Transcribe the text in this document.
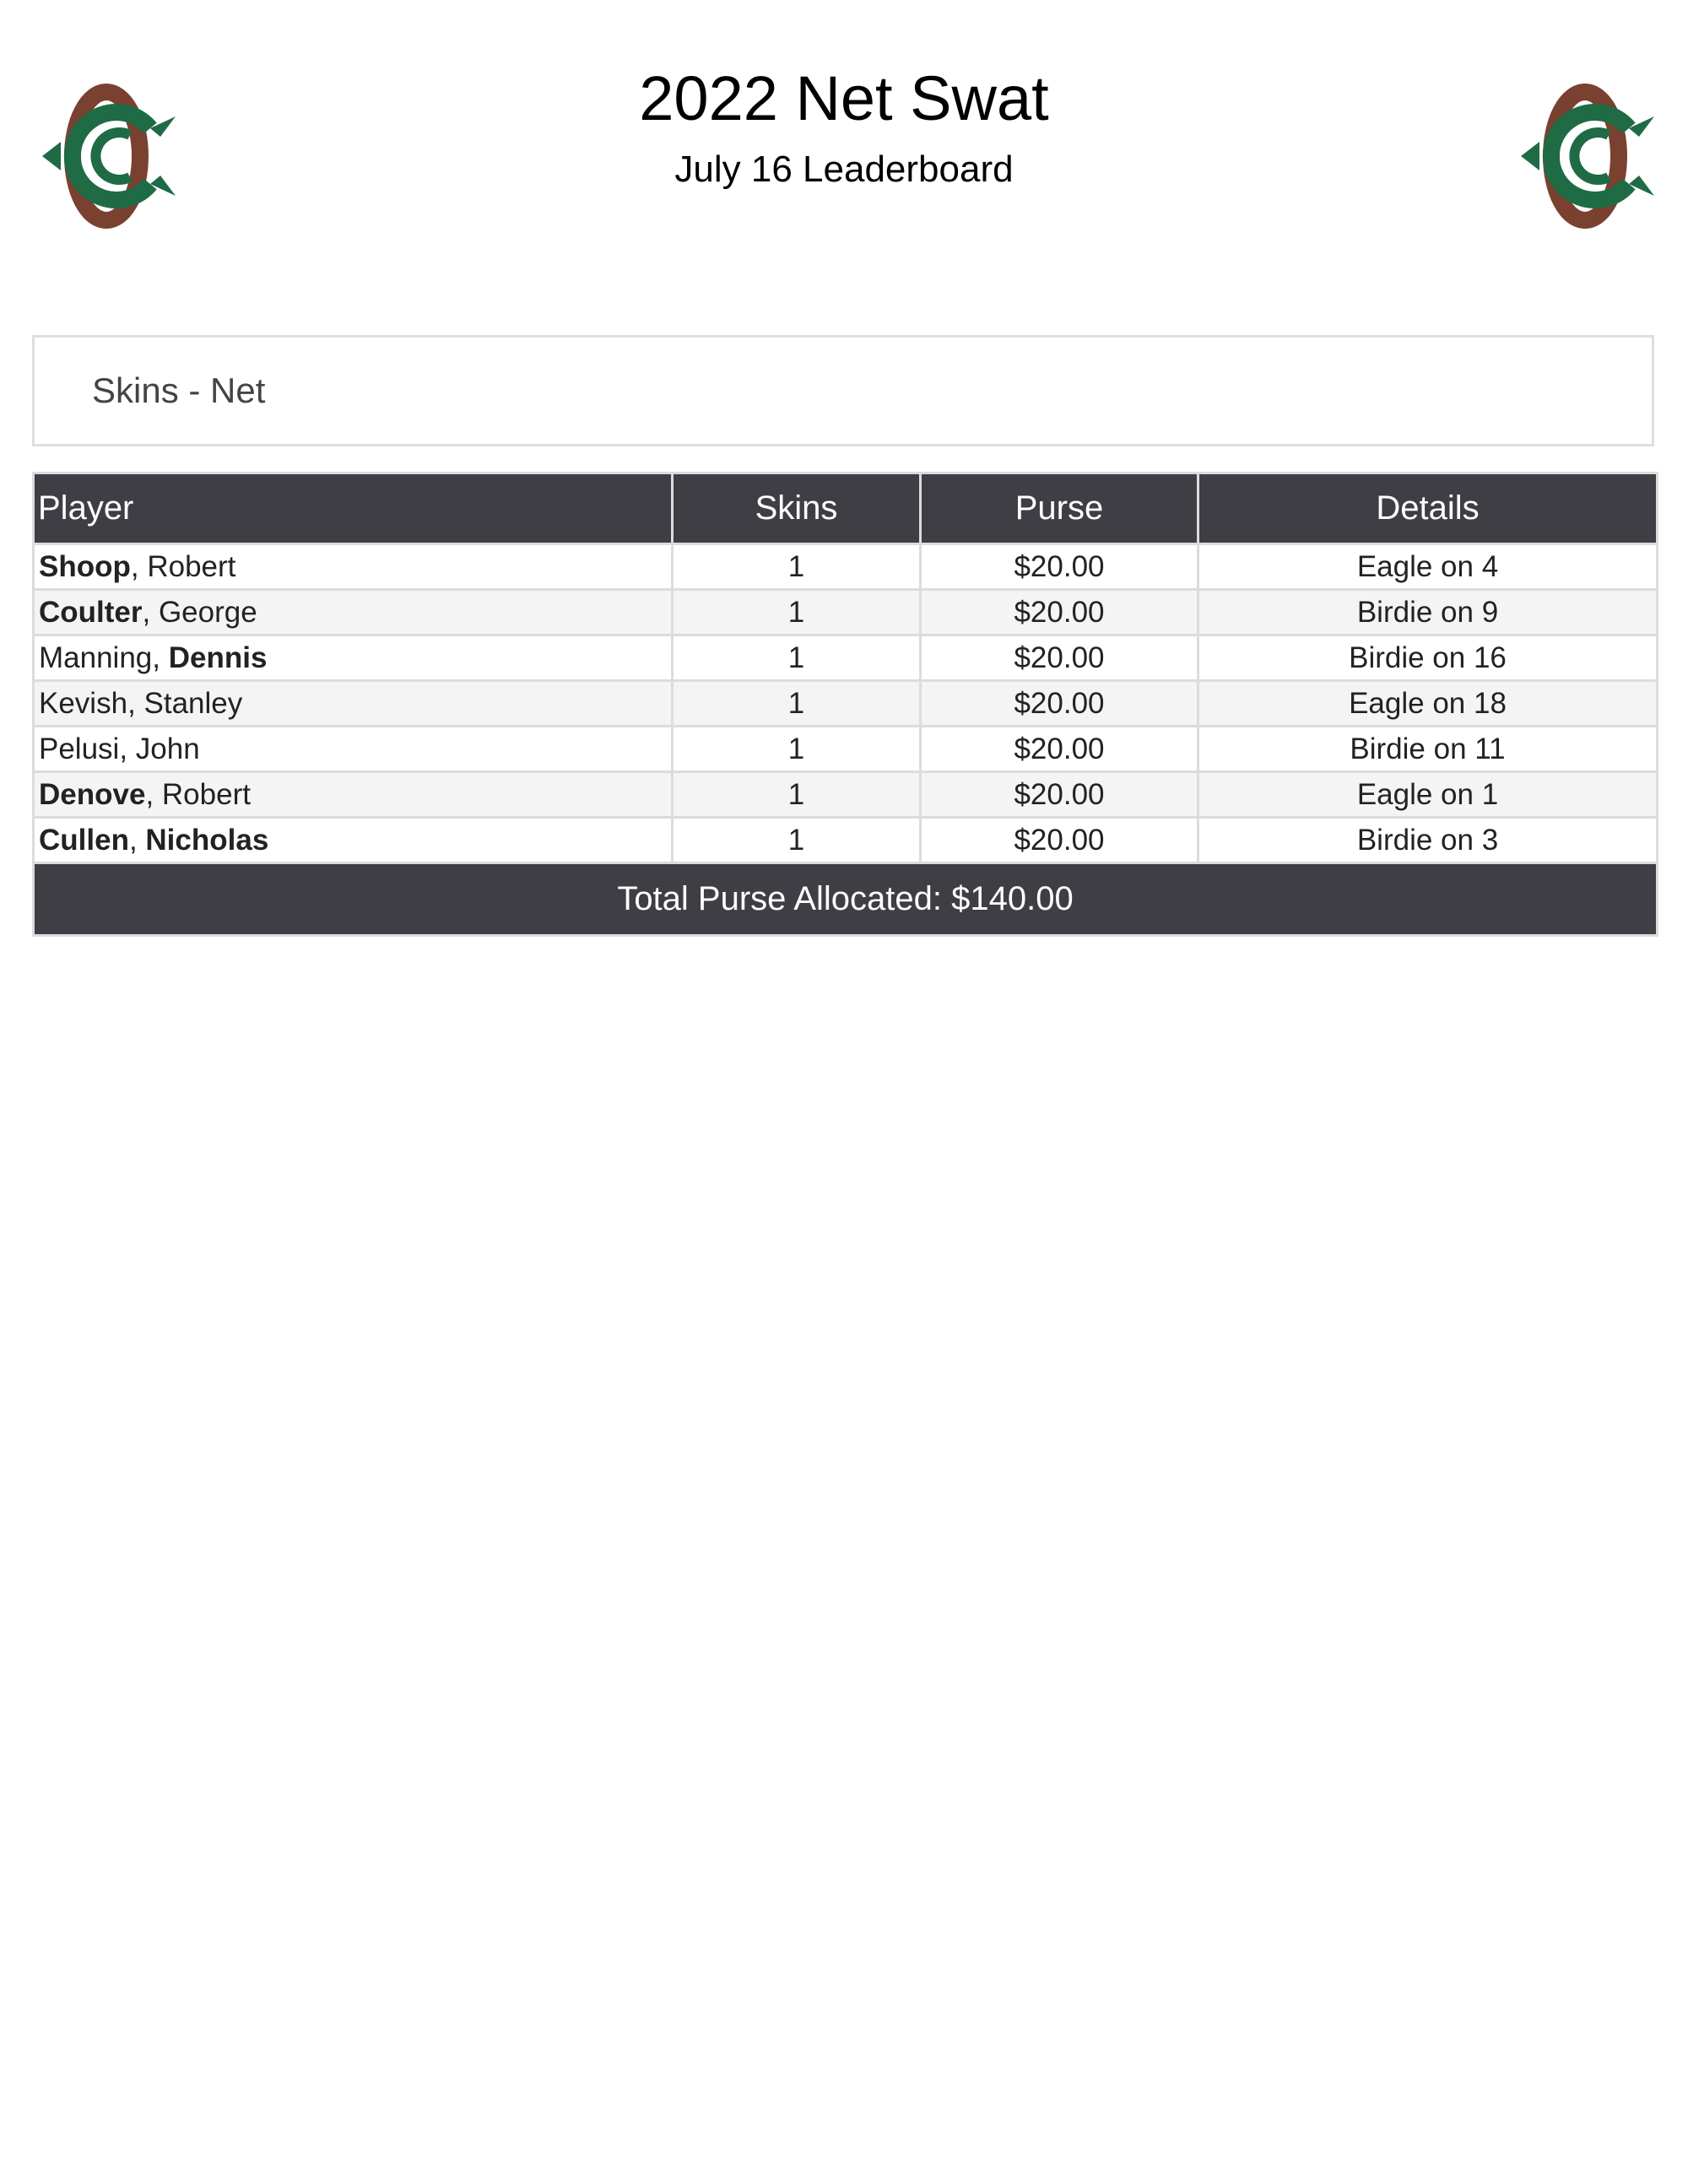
2022 Net Swat
July 16 Leaderboard
Skins - Net
Player	Skins	Purse	Details
Shoop, Robert	1	$20.00	Eagle on 4
Coulter, George	1	$20.00	Birdie on 9
Manning, Dennis	1	$20.00	Birdie on 16
Kevish, Stanley	1	$20.00	Eagle on 18
Pelusi, John	1	$20.00	Birdie on 11
Denove, Robert	1	$20.00	Eagle on 1
Cullen, Nicholas	1	$20.00	Birdie on 3
Total Purse Allocated: $140.00			
